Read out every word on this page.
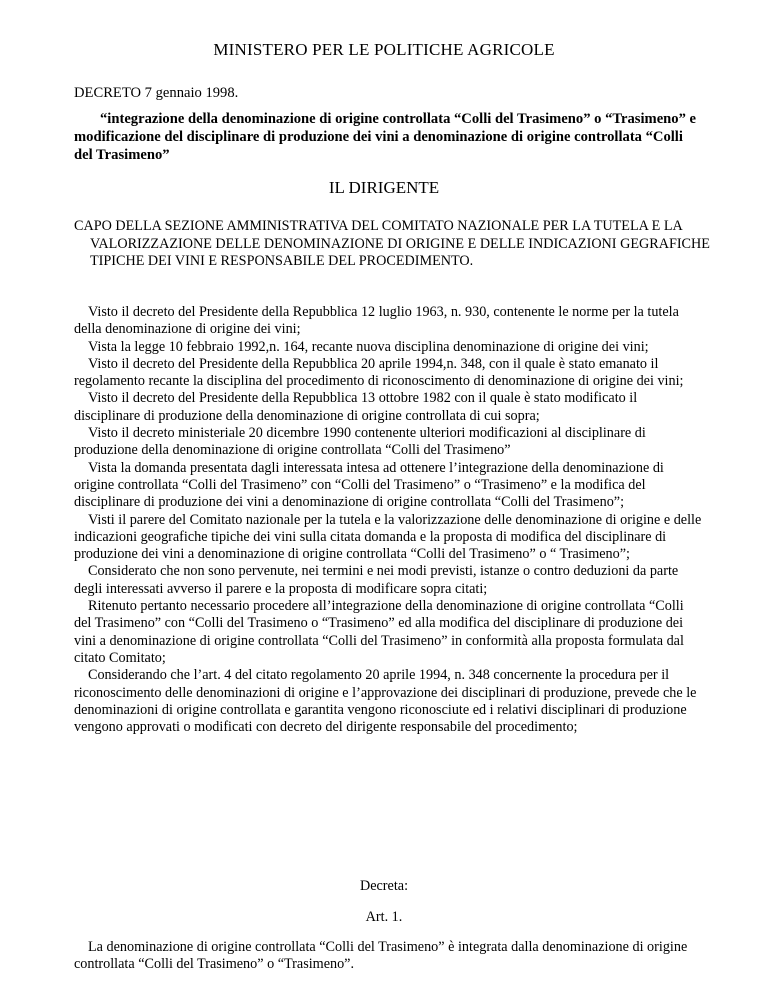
MINISTERO PER LE POLITICHE AGRICOLE
DECRETO 7 gennaio 1998.
“integrazione della denominazione di origine controllata “Colli del Trasimeno” o “Trasimeno” e modificazione del disciplinare di produzione dei vini a denominazione di origine controllata “Colli del Trasimeno”
IL DIRIGENTE
CAPO DELLA SEZIONE AMMINISTRATIVA DEL COMITATO NAZIONALE PER LA TUTELA E LA VALORIZZAZIONE DELLE DENOMINAZIONE DI ORIGINE E DELLE INDICAZIONI GEGRAFICHE TIPICHE DEI VINI E RESPONSABILE DEL PROCEDIMENTO.

Visto il decreto del Presidente della Repubblica 12 luglio 1963, n. 930, contenente le norme per la tutela della denominazione di origine dei vini;

Vista la legge 10 febbraio 1992,n. 164, recante nuova disciplina denominazione di origine dei vini;

Visto il decreto del Presidente della Repubblica 20 aprile 1994,n. 348, con il quale è stato emanato il regolamento recante la disciplina del procedimento di riconoscimento di denominazione di origine dei vini;

Visto il decreto del Presidente della Repubblica 13 ottobre 1982 con il quale è stato modificato il disciplinare di produzione della denominazione di origine controllata di cui sopra;

Visto il decreto ministeriale 20 dicembre 1990 contenente ulteriori modificazioni al disciplinare di produzione della denominazione di origine controllata “Colli del Trasimeno”

Vista la domanda presentata dagli interessata intesa ad ottenere l’integrazione della denominazione di origine controllata “Colli del Trasimeno” con “Colli del Trasimeno” o “Trasimeno” e la modifica del disciplinare di produzione dei vini a denominazione di origine controllata “Colli del Trasimeno”;

Visti il parere del Comitato nazionale per la tutela e la valorizzazione delle denominazione di origine e delle indicazioni geografiche tipiche dei vini sulla citata domanda e la proposta di modifica del disciplinare di produzione dei vini a denominazione di origine controllata “Colli del Trasimeno” o “ Trasimeno”;

Considerato che non sono pervenute, nei termini e nei modi previsti, istanze o contro deduzioni da parte degli interessati avverso il parere e la proposta di modificare sopra citati;

Ritenuto pertanto necessario procedere all’integrazione della denominazione di origine controllata “Colli del Trasimeno” con “Colli del Trasimeno o “Trasimeno” ed alla modifica del disciplinare di produzione dei vini a denominazione di origine controllata “Colli del Trasimeno” in conformità alla proposta formulata dal citato Comitato;

Considerando che l’art. 4 del citato regolamento 20 aprile 1994, n. 348 concernente la procedura per il riconoscimento delle denominazioni di origine e l’approvazione dei disciplinari di produzione, prevede che le denominazioni di origine controllata e garantita vengono riconosciute ed i relativi disciplinari di produzione vengono approvati o modificati con decreto del dirigente responsabile del procedimento;

Decreta:
Art. 1.
La denominazione di origine controllata “Colli del Trasimeno” è integrata dalla denominazione di origine controllata “Colli del Trasimeno” o “Trasimeno”.
